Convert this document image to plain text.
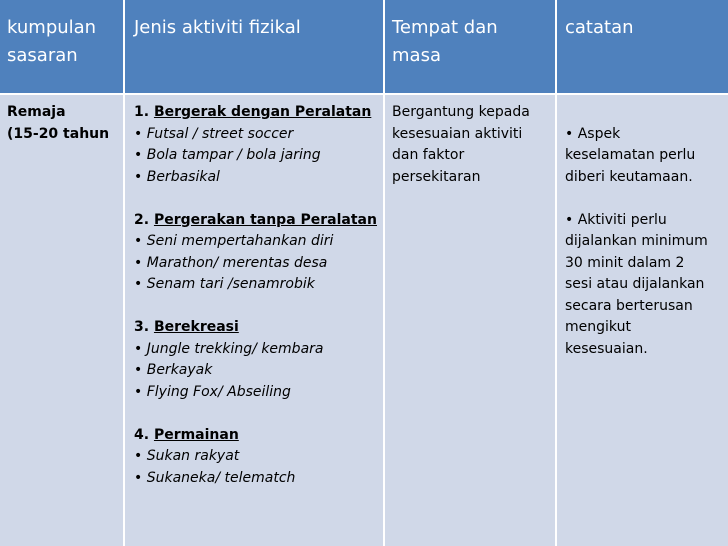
kumpulan
sasaran
Jenis aktiviti fizikal	Tempat dan
masa
catatan
Remaja
(15-20 tahun
1. Bergerak dengan Peralatan
• Futsal / street soccer
• Bola tampar / bola jaring
• Berbasikal
2. Pergerakan tanpa Peralatan
• Seni mempertahankan diri
• Marathon/ merentas desa
• Senam tari /senamrobik
3. Berekreasi
• Jungle trekking/ kembara
• Berkayak
• Flying Fox/ Abseiling
4. Permainan
• Sukan rakyat
• Sukaneka/ telematch
Bergantung kepada
kesesuaian aktiviti
dan faktor
persekitaran
• Aspek
keselamatan perlu
diberi keutamaan.
• Aktiviti perlu
dijalankan minimum
30 minit dalam 2
sesi atau dijalankan
secara berterusan
mengikut
kesesuaian.
